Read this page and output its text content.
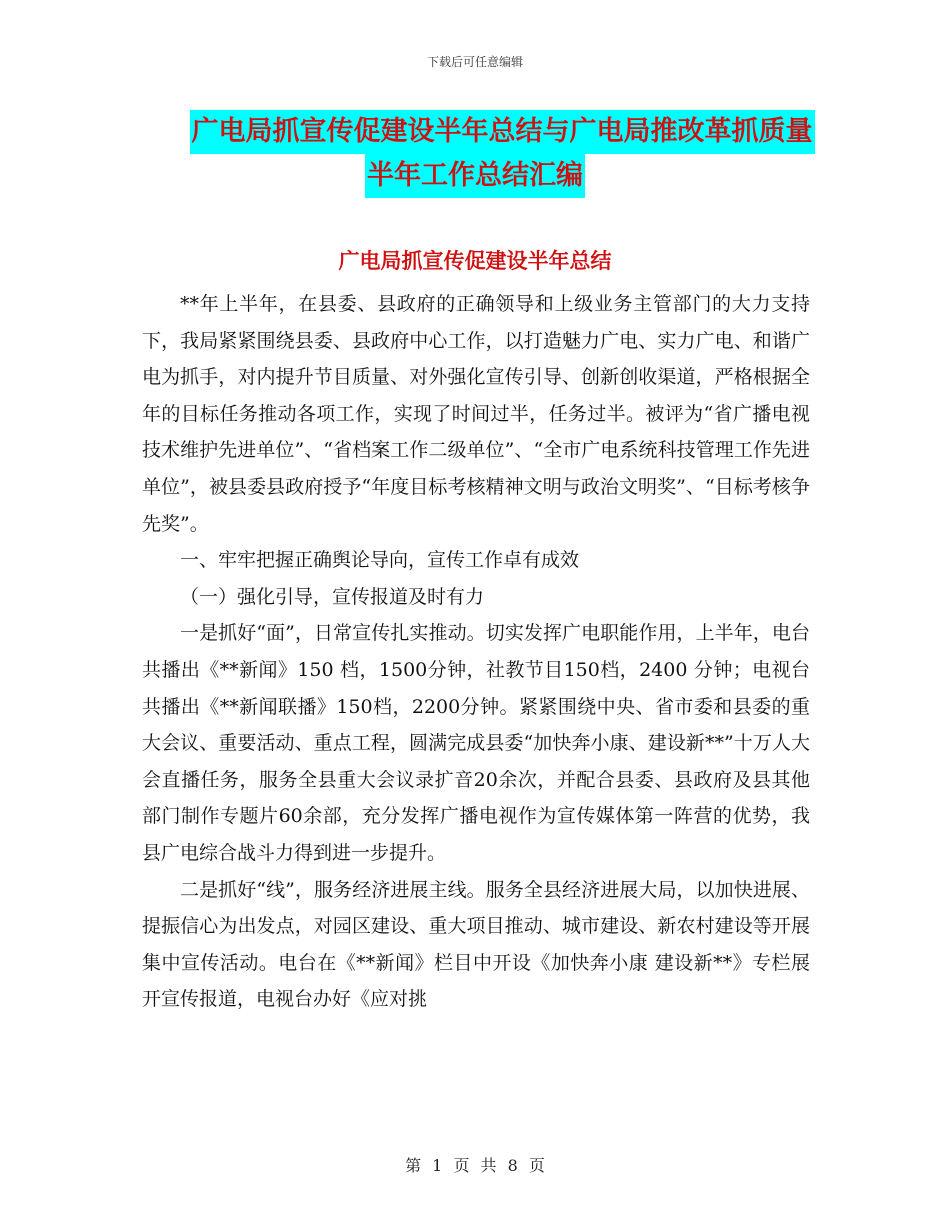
下载后可任意编辑
广电局抓宣传促建设半年总结与广电局推改革抓质量
半年工作总结汇编
广电局抓宣传促建设半年总结

**年上半年，在县委、县政府的正确领导和上级业务主管部门的大力支持下，我局紧紧围绕县委、县政府中心工作，以打造魅力广电、实力广电、和谐广电为抓手，对内提升节目质量、对外强化宣传引导、创新创收渠道，严格根据全年的目标任务推动各项工作，实现了时间过半，任务过半。被评为“省广播电视技术维护先进单位”、“省档案工作二级单位”、“全市广电系统科技管理工作先进单位”，被县委县政府授予“年度目标考核精神文明与政治文明奖”、“目标考核争先奖”。

一、牢牢把握正确舆论导向，宣传工作卓有成效

（一）强化引导，宣传报道及时有力

一是抓好“面”，日常宣传扎实推动。切实发挥广电职能作用，上半年，电台共播出《**新闻》150 档，1500分钟，社教节目150档，2400 分钟；电视台共播出《**新闻联播》150档，2200分钟。紧紧围绕中央、省市委和县委的重大会议、重要活动、重点工程，圆满完成县委“加快奔小康、建设新**”十万人大会直播任务，服务全县重大会议录扩音20余次，并配合县委、县政府及县其他部门制作专题片60余部，充分发挥广播电视作为宣传媒体第一阵营的优势，我县广电综合战斗力得到进一步提升。

二是抓好“线”，服务经济进展主线。服务全县经济进展大局，以加快进展、提振信心为出发点，对园区建设、重大项目推动、城市建设、新农村建设等开展集中宣传活动。电台在《**新闻》栏目中开设《加快奔小康 建设新**》专栏展开宣传报道，电视台办好《应对挑

第 1 页 共 8 页
